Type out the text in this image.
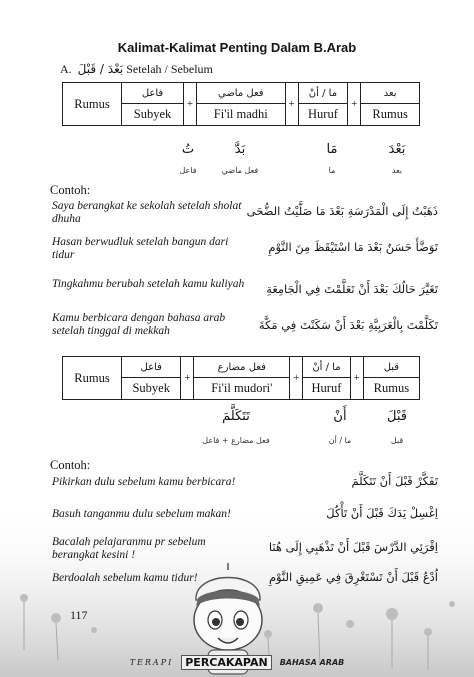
Kalimat-Kalimat Penting Dalam B.Arab
A. بَعْدَ / قَبْلَ Setelah / Sebelum
Rumus	فاعل	+	فعل ماضي	+	ما / أنْ	+	بعد
	Subyek		Fi'il madhi		Huruf		Rumus
تُ	بَدَّ	مَا	بَعْدَ
فاعل	فعل ماضي	ما	بعد
Contoh:
Saya berangkat ke sekolah setelah sholat dhuha
ذَهَبْتُ إِلَى الْمَدْرَسَةِ بَعْدَ مَا صَلَّيْتُ الضُّحَى
Hasan berwudluk setelah bangun dari tidur
تَوَضَّأَ حَسَنٌ بَعْدَ مَا اسْتَيْقَظَ مِنَ النَّوْمِ
Tingkahmu berubah setelah kamu kuliyah	تَغَيَّرَ حَالُكَ بَعْدَ أَنْ تَعَلَّمْتَ فِي الْجَامِعَةِ
Kamu berbicara dengan bahasa arab setelah tinggal di mekkah	تَكَلَّمْتَ بِالْعَرَبِيَّةِ بَعْدَ أَنْ سَكَنْتَ فِي مَكَّةَ
Rumus	فاعل	+	فعل مضارع	+	ما / أنْ	+	قبل
	Subyek		Fi'il mudori'		Huruf		Rumus
تَتَكَلَّمَ	أَنْ	قَبْلَ
فعل مضارع + فاعل	ما / أن	قبل
Contoh:
Pikirkan dulu sebelum kamu berbicara!	تَفَكَّرْ قَبْلَ أَنْ تَتَكَلَّمَ
Basuh tanganmu dulu sebelum makan!	اِغْسِلْ يَدَكَ قَبْلَ أَنْ تَأْكُلَ
Bacalah pelajaranmu pr sebelum berangkat kesini !
اِقْرَئِي الدَّرْسَ قَبْلَ أَنْ تَذْهَبِي إِلَى هُنَا
Berdoalah sebelum kamu tidur!	اُدْعُ قَبْلَ أَنْ تَسْتَغْرِقَ فِي عَمِيقِ النَّوْمِ
117
TERAPI	PERCAKAPAN	BAHASA ARAB
